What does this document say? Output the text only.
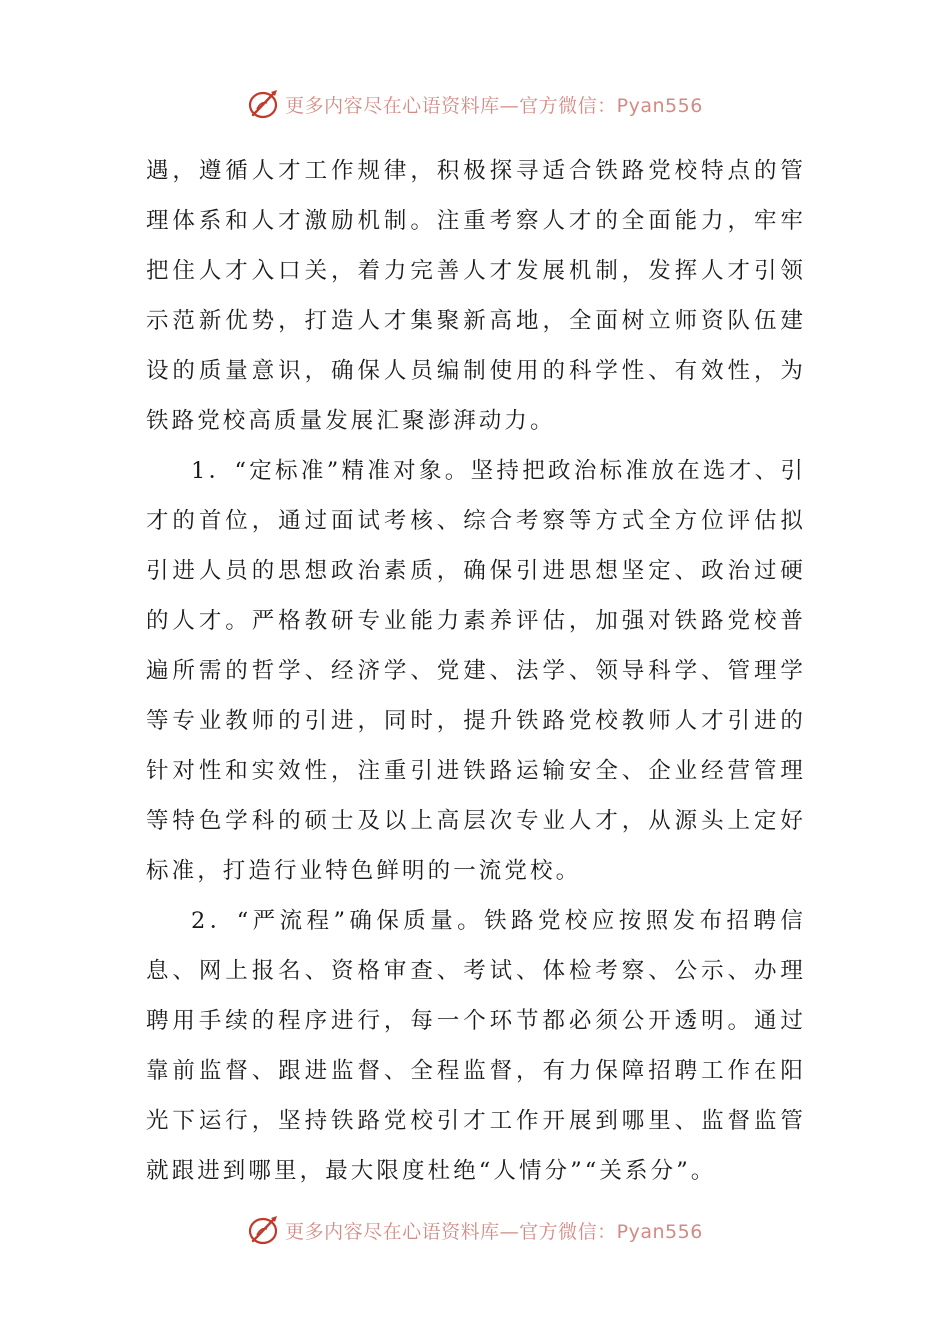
更多内容尽在心语资料库—官方微信：Pyan556

遇，遵循人才工作规律，积极探寻适合铁路党校特点的管理体系和人才激励机制。注重考察人才的全面能力，牢牢把住人才入口关，着力完善人才发展机制，发挥人才引领示范新优势，打造人才集聚新高地，全面树立师资队伍建设的质量意识，确保人员编制使用的科学性、有效性，为铁路党校高质量发展汇聚澎湃动力。

1．“定标准”精准对象。坚持把政治标准放在选才、引才的首位，通过面试考核、综合考察等方式全方位评估拟引进人员的思想政治素质，确保引进思想坚定、政治过硬的人才。严格教研专业能力素养评估，加强对铁路党校普遍所需的哲学、经济学、党建、法学、领导科学、管理学等专业教师的引进，同时，提升铁路党校教师人才引进的针对性和实效性，注重引进铁路运输安全、企业经营管理等特色学科的硕士及以上高层次专业人才，从源头上定好标准，打造行业特色鲜明的一流党校。

2．“严流程”确保质量。铁路党校应按照发布招聘信息、网上报名、资格审查、考试、体检考察、公示、办理聘用手续的程序进行，每一个环节都必须公开透明。通过靠前监督、跟进监督、全程监督，有力保障招聘工作在阳光下运行，坚持铁路党校引才工作开展到哪里、监督监管就跟进到哪里，最大限度杜绝“人情分”“关系分”。

更多内容尽在心语资料库—官方微信：Pyan556
